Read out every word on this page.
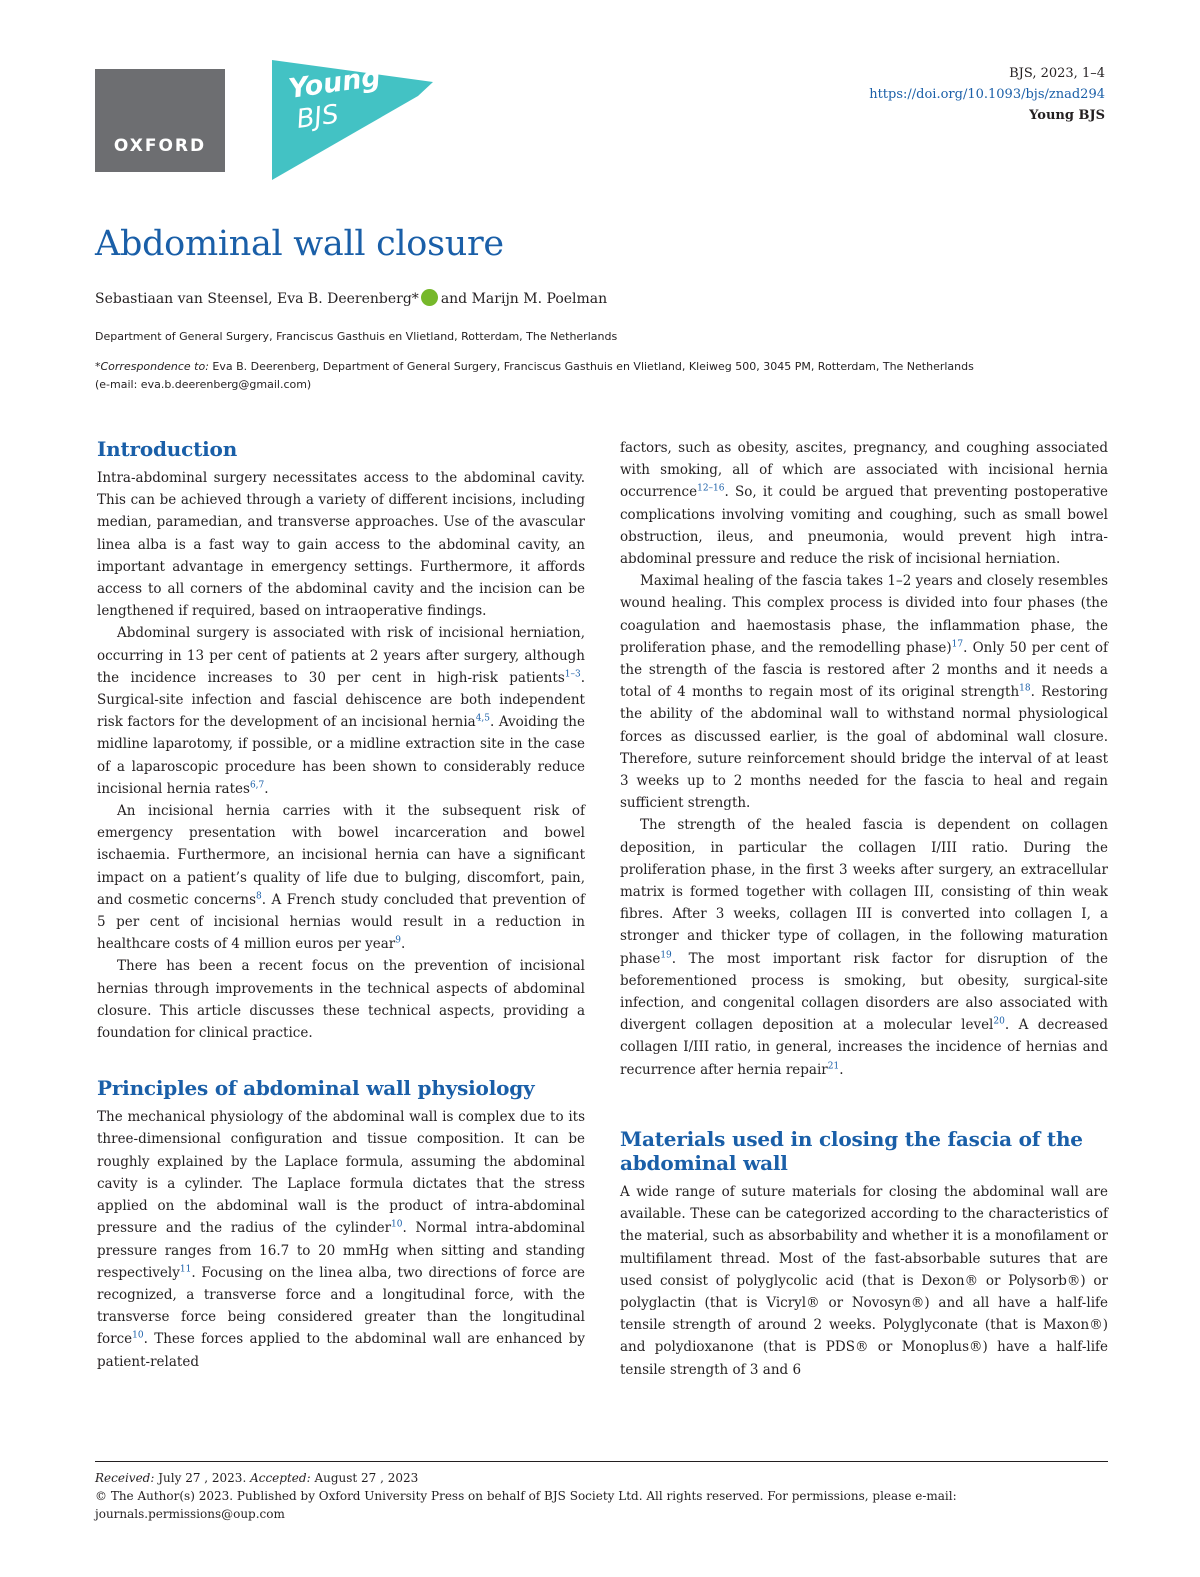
OXFORD
Young
BJS
BJS, 2023, 1–4
https://doi.org/10.1093/bjs/znad294
Young BJS
Abdominal wall closure
Sebastiaan van Steensel, Eva B. Deerenberg* and Marijn M. Poelman
Department of General Surgery, Franciscus Gasthuis en Vlietland, Rotterdam, The Netherlands
*Correspondence to: Eva B. Deerenberg, Department of General Surgery, Franciscus Gasthuis en Vlietland, Kleiweg 500, 3045 PM, Rotterdam, The Netherlands
(e-mail: eva.b.deerenberg@gmail.com)
Introduction

Intra-abdominal surgery necessitates access to the abdominal cavity. This can be achieved through a variety of different incisions, including median, paramedian, and transverse approaches. Use of the avascular linea alba is a fast way to gain access to the abdominal cavity, an important advantage in emergency settings. Furthermore, it affords access to all corners of the abdominal cavity and the incision can be lengthened if required, based on intraoperative findings.

Abdominal surgery is associated with risk of incisional herniation, occurring in 13 per cent of patients at 2 years after surgery, although the incidence increases to 30 per cent in high-risk patients$^{1-3}$. Surgical-site infection and fascial dehiscence are both independent risk factors for the development of an incisional hernia$^{4,5}$. Avoiding the midline laparotomy, if possible, or a midline extraction site in the case of a laparoscopic procedure has been shown to considerably reduce incisional hernia rates$^{6,7}$.

An incisional hernia carries with it the subsequent risk of emergency presentation with bowel incarceration and bowel ischaemia. Furthermore, an incisional hernia can have a significant impact on a patient’s quality of life due to bulging, discomfort, pain, and cosmetic concerns$^8$. A French study concluded that prevention of 5 per cent of incisional hernias would result in a reduction in healthcare costs of 4 million euros per year$^9$.

There has been a recent focus on the prevention of incisional hernias through improvements in the technical aspects of abdominal closure. This article discusses these technical aspects, providing a foundation for clinical practice.

Principles of abdominal wall physiology

The mechanical physiology of the abdominal wall is complex due to its three-dimensional configuration and tissue composition. It can be roughly explained by the Laplace formula, assuming the abdominal cavity is a cylinder. The Laplace formula dictates that the stress applied on the abdominal wall is the product of intra-abdominal pressure and the radius of the cylinder$^{10}$. Normal intra-abdominal pressure ranges from 16.7 to 20 mmHg when sitting and standing respectively$^{11}$. Focusing on the linea alba, two directions of force are recognized, a transverse force and a longitudinal force, with the transverse force being considered greater than the longitudinal force$^{10}$. These forces applied to the abdominal wall are enhanced by patient-related

factors, such as obesity, ascites, pregnancy, and coughing associated with smoking, all of which are associated with incisional hernia occurrence$^{12-16}$. So, it could be argued that preventing postoperative complications involving vomiting and coughing, such as small bowel obstruction, ileus, and pneumonia, would prevent high intra-abdominal pressure and reduce the risk of incisional herniation.

Maximal healing of the fascia takes 1–2 years and closely resembles wound healing. This complex process is divided into four phases (the coagulation and haemostasis phase, the inflammation phase, the proliferation phase, and the remodelling phase)$^{17}$. Only 50 per cent of the strength of the fascia is restored after 2 months and it needs a total of 4 months to regain most of its original strength$^{18}$. Restoring the ability of the abdominal wall to withstand normal physiological forces as discussed earlier, is the goal of abdominal wall closure. Therefore, suture reinforcement should bridge the interval of at least 3 weeks up to 2 months needed for the fascia to heal and regain sufficient strength.

The strength of the healed fascia is dependent on collagen deposition, in particular the collagen I/III ratio. During the proliferation phase, in the first 3 weeks after surgery, an extracellular matrix is formed together with collagen III, consisting of thin weak fibres. After 3 weeks, collagen III is converted into collagen I, a stronger and thicker type of collagen, in the following maturation phase$^{19}$. The most important risk factor for disruption of the beforementioned process is smoking, but obesity, surgical-site infection, and congenital collagen disorders are also associated with divergent collagen deposition at a molecular level$^{20}$. A decreased collagen I/III ratio, in general, increases the incidence of hernias and recurrence after hernia repair$^{21}$.

Materials used in closing the fascia of the abdominal wall

A wide range of suture materials for closing the abdominal wall are available. These can be categorized according to the characteristics of the material, such as absorbability and whether it is a monofilament or multifilament thread. Most of the fast-absorbable sutures that are used consist of polyglycolic acid (that is Dexon® or Polysorb®) or polyglactin (that is Vicryl® or Novosyn®) and all have a half-life tensile strength of around 2 weeks. Polyglyconate (that is Maxon®) and polydioxanone (that is PDS® or Monoplus®) have a half-life tensile strength of 3 and 6

Received: July 27 , 2023. Accepted: August 27 , 2023
© The Author(s) 2023. Published by Oxford University Press on behalf of BJS Society Ltd. All rights reserved. For permissions, please e-mail:
journals.permissions@oup.com
